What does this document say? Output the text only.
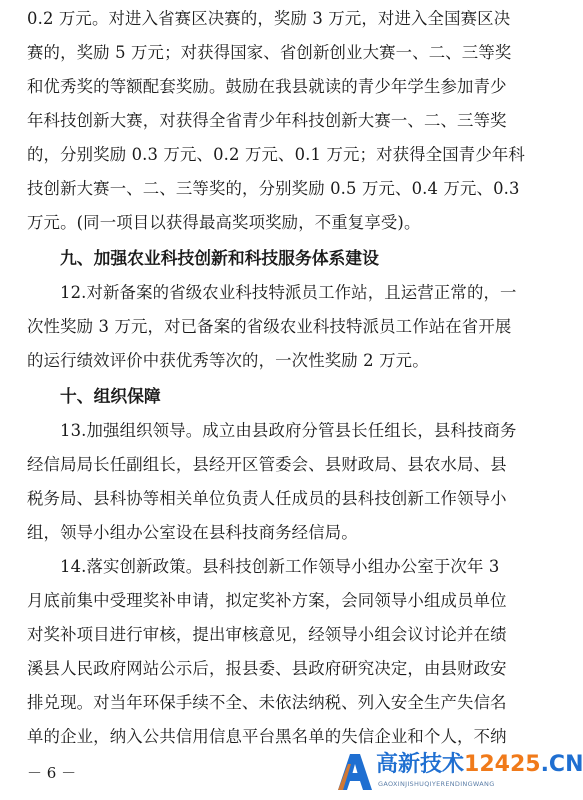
0.2 万元。对进入省赛区决赛的，奖励 3 万元，对进入全国赛区决
赛的，奖励 5 万元；对获得国家、省创新创业大赛一、二、三等奖
和优秀奖的等额配套奖励。鼓励在我县就读的青少年学生参加青少
年科技创新大赛，对获得全省青少年科技创新大赛一、二、三等奖
的，分别奖励 0.3 万元、0.2 万元、0.1 万元；对获得全国青少年科
技创新大赛一、二、三等奖的，分别奖励 0.5 万元、0.4 万元、0.3
万元。(同一项目以获得最高奖项奖励，不重复享受)。
九、加强农业科技创新和科技服务体系建设
12.对新备案的省级农业科技特派员工作站，且运营正常的，一
次性奖励 3 万元，对已备案的省级农业科技特派员工作站在省开展
的运行绩效评价中获优秀等次的，一次性奖励 2 万元。
十、组织保障
13.加强组织领导。成立由县政府分管县长任组长，县科技商务
经信局局长任副组长，县经开区管委会、县财政局、县农水局、县
税务局、县科协等相关单位负责人任成员的县科技创新工作领导小
组，领导小组办公室设在县科技商务经信局。
14.落实创新政策。县科技创新工作领导小组办公室于次年 3
月底前集中受理奖补申请，拟定奖补方案，会同领导小组成员单位
对奖补项目进行审核，提出审核意见，经领导小组会议讨论并在绩
溪县人民政府网站公示后，报县委、县政府研究决定，由县财政安
排兑现。对当年环保手续不全、未依法纳税、列入安全生产失信名
单的企业，纳入公共信用信息平台黑名单的失信企业和个人，不纳
－ 6 －	高新技术12425.CN
GAOXINJISHUQIYERENDINGWANG
